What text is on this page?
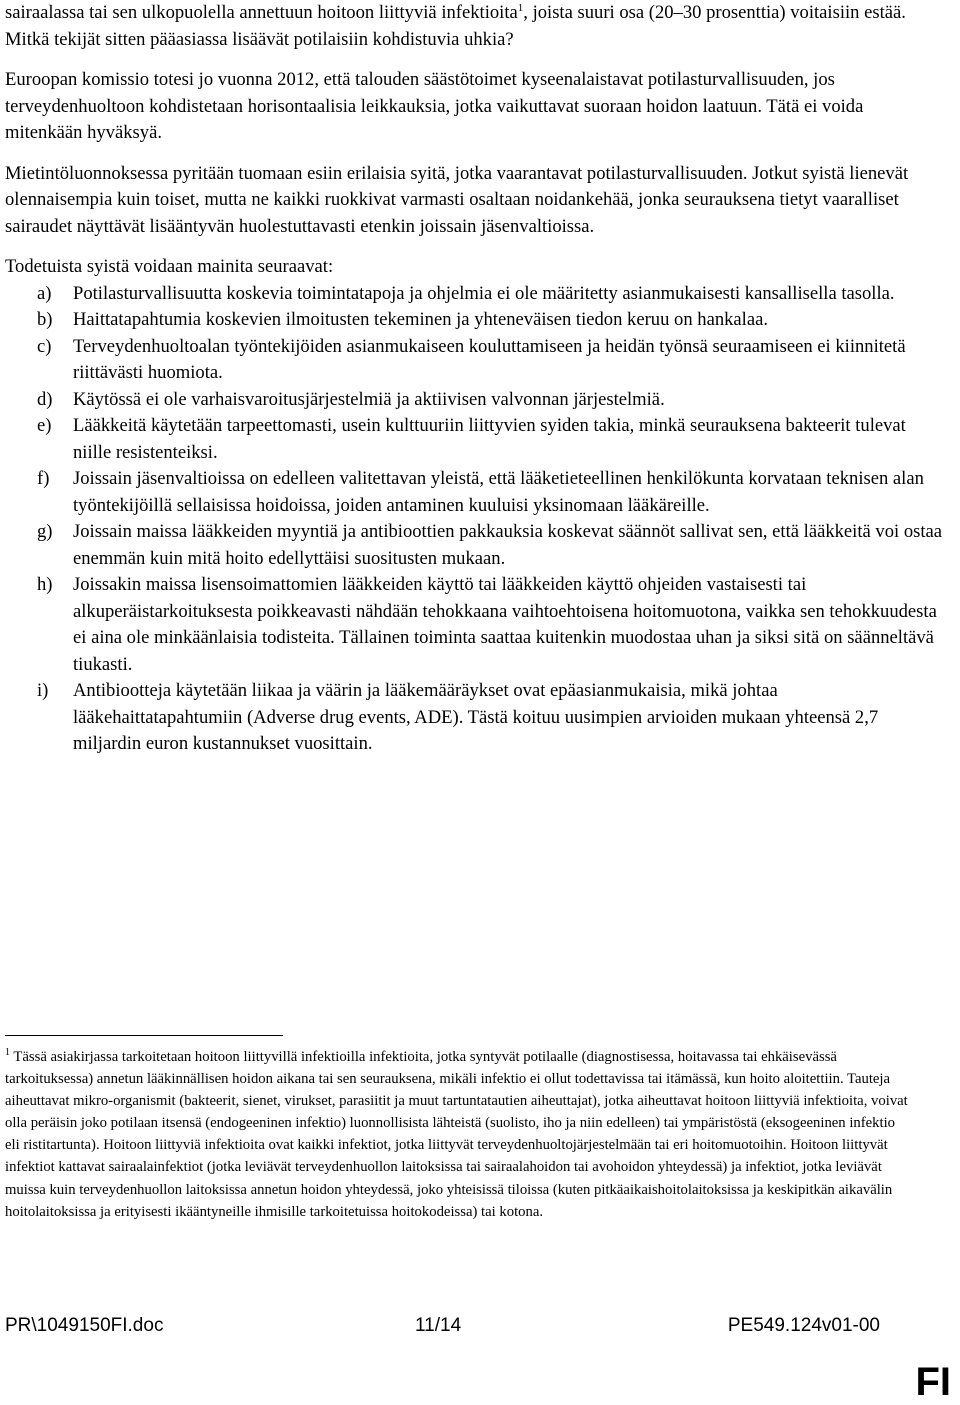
sairaalassa tai sen ulkopuolella annettuun hoitoon liittyviä infektioita$^1$, joista suuri osa (20–30 prosenttia) voitaisiin estää.

Mitkä tekijät sitten pääasiassa lisäävät potilaisiin kohdistuvia uhkia?

Euroopan komissio totesi jo vuonna 2012, että talouden säästötoimet kyseenalaistavat potilasturvallisuuden, jos terveydenhuoltoon kohdistetaan horisontaalisia leikkauksia, jotka vaikuttavat suoraan hoidon laatuun. Tätä ei voida mitenkään hyväksyä.

Mietintöluonnoksessa pyritään tuomaan esiin erilaisia syitä, jotka vaarantavat potilasturvallisuuden. Jotkut syistä lienevät olennaisempia kuin toiset, mutta ne kaikki ruokkivat varmasti osaltaan noidankehää, jonka seurauksena tietyt vaaralliset sairaudet näyttävät lisääntyvän huolestuttavasti etenkin joissain jäsenvaltioissa.

Todetuista syistä voidaan mainita seuraavat:

a) Potilasturvallisuutta koskevia toimintatapoja ja ohjelmia ei ole määritetty asianmukaisesti kansallisella tasolla.
b) Haittatapahtumia koskevien ilmoitusten tekeminen ja yhteneväisen tiedon keruu on hankalaa.
c) Terveydenhuoltoalan työntekijöiden asianmukaiseen kouluttamiseen ja heidän työnsä seuraamiseen ei kiinnitetä riittävästi huomiota.
d) Käytössä ei ole varhaisvaroitusjärjestelmiä ja aktiivisen valvonnan järjestelmiä.
e) Lääkkeitä käytetään tarpeettomasti, usein kulttuuriin liittyvien syiden takia, minkä seurauksena bakteerit tulevat niille resistenteiksi.
f) Joissain jäsenvaltioissa on edelleen valitettavan yleistä, että lääketieteellinen henkilökunta korvataan teknisen alan työntekijöillä sellaisissa hoidoissa, joiden antaminen kuuluisi yksinomaan lääkäreille.
g) Joissain maissa lääkkeiden myyntiä ja antibioottien pakkauksia koskevat säännöt sallivat sen, että lääkkeitä voi ostaa enemmän kuin mitä hoito edellyttäisi suositusten mukaan.
h) Joissakin maissa lisensoimattomien lääkkeiden käyttö tai lääkkeiden käyttö ohjeiden vastaisesti tai alkuperäistarkoituksesta poikkeavasti nähdään tehokkaana vaihtoehtoisena hoitomuotona, vaikka sen tehokkuudesta ei aina ole minkäänlaisia todisteita. Tällainen toiminta saattaa kuitenkin muodostaa uhan ja siksi sitä on säänneltävä tiukasti.
i) Antibiootteja käytetään liikaa ja väärin ja lääkemääräykset ovat epäasianmukaisia, mikä johtaa lääkehaittatapahtumiin (Adverse drug events, ADE). Tästä koituu uusimpien arvioiden mukaan yhteensä 2,7 miljardin euron kustannukset vuosittain.
$^1$ Tässä asiakirjassa tarkoitetaan hoitoon liittyvillä infektioilla infektioita, jotka syntyvät potilaalle (diagnostisessa, hoitavassa tai ehkäisevässä tarkoituksessa) annetun lääkinnällisen hoidon aikana tai sen seurauksena, mikäli infektio ei ollut todettavissa tai itämässä, kun hoito aloitettiin. Tauteja aiheuttavat mikro-organismit (bakteerit, sienet, virukset, parasiitit ja muut tartuntatautien aiheuttajat), jotka aiheuttavat hoitoon liittyviä infektioita, voivat olla peräisin joko potilaan itsensä (endogeeninen infektio) luonnollisista lähteistä (suolisto, iho ja niin edelleen) tai ympäristöstä (eksogeeninen infektio eli ristitartunta). Hoitoon liittyviä infektioita ovat kaikki infektiot, jotka liittyvät terveydenhuoltojärjestelmään tai eri hoitomuotoihin. Hoitoon liittyvät infektiot kattavat sairaalainfektiot (jotka leviävät terveydenhuollon laitoksissa tai sairaalahoidon tai avohoidon yhteydessä) ja infektiot, jotka leviävät muissa kuin terveydenhuollon laitoksissa annetun hoidon yhteydessä, joko yhteisissä tiloissa (kuten pitkäaikaishoitolaitoksissa ja keskipitkän aikavälin hoitolaitoksissa ja erityisesti ikääntyneille ihmisille tarkoitetuissa hoitokodeissa) tai kotona.
PR\1049150FI.doc	11/14	PE549.124v01-00
FI
